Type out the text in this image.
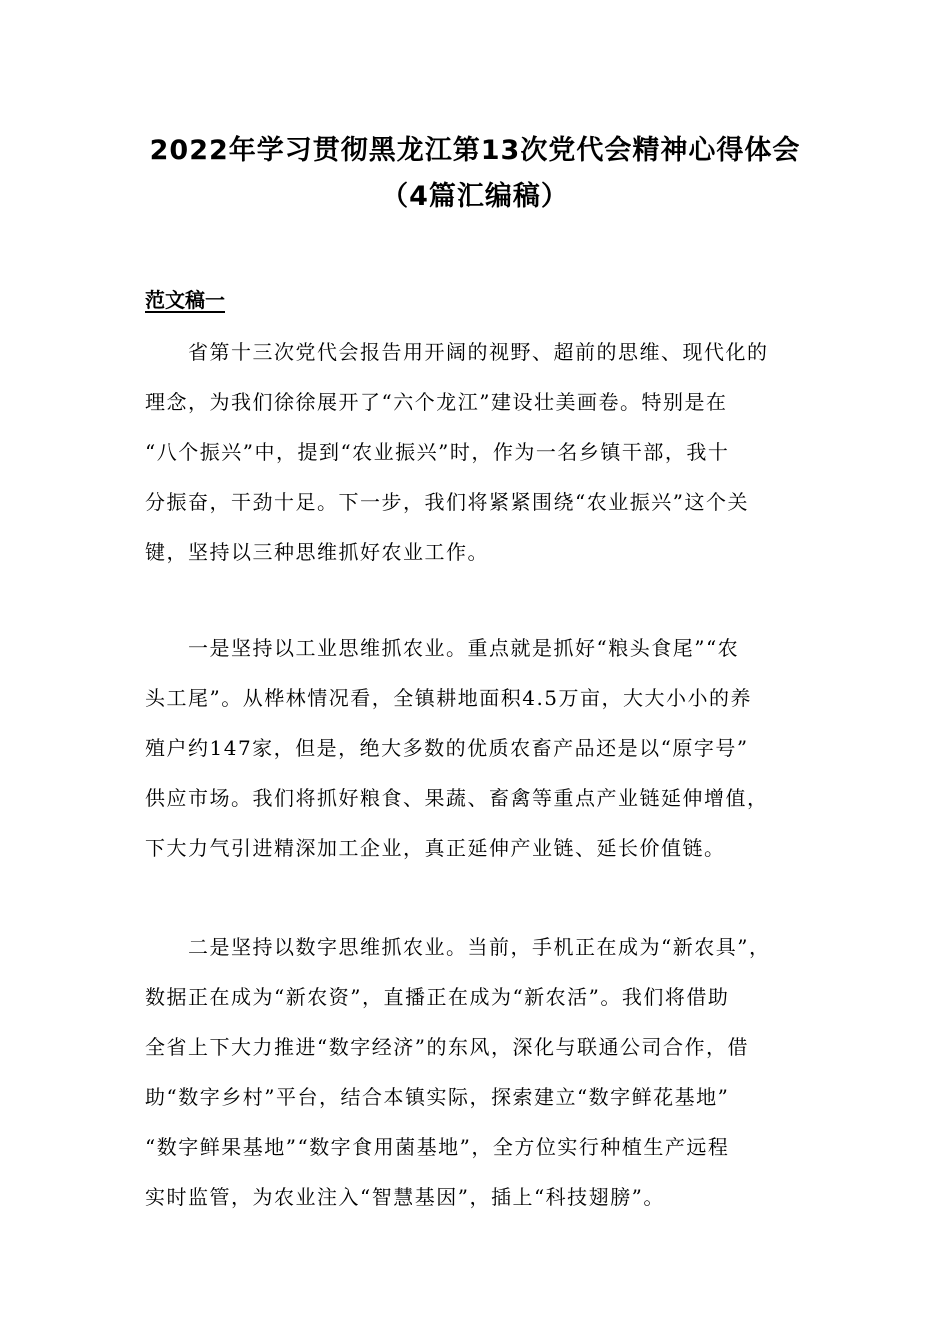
2022年学习贯彻黑龙江第13次党代会精神心得体会
（4篇汇编稿）
范文稿一
　　省第十三次党代会报告用开阔的视野、超前的思维、现代化的
理念，为我们徐徐展开了“六个龙江”建设壮美画卷。特别是在
“八个振兴”中，提到“农业振兴”时，作为一名乡镇干部，我十
分振奋，干劲十足。下一步，我们将紧紧围绕“农业振兴”这个关
键，坚持以三种思维抓好农业工作。
　　一是坚持以工业思维抓农业。重点就是抓好“粮头食尾”“农
头工尾”。从桦林情况看，全镇耕地面积4.5万亩，大大小小的养
殖户约147家，但是，绝大多数的优质农畜产品还是以“原字号”
供应市场。我们将抓好粮食、果蔬、畜禽等重点产业链延伸增值，
下大力气引进精深加工企业，真正延伸产业链、延长价值链。
　　二是坚持以数字思维抓农业。当前，手机正在成为“新农具”，
数据正在成为“新农资”，直播正在成为“新农活”。我们将借助
全省上下大力推进“数字经济”的东风，深化与联通公司合作，借
助“数字乡村”平台，结合本镇实际，探索建立“数字鲜花基地”
“数字鲜果基地”“数字食用菌基地”，全方位实行种植生产远程
实时监管，为农业注入“智慧基因”，插上“科技翅膀”。
